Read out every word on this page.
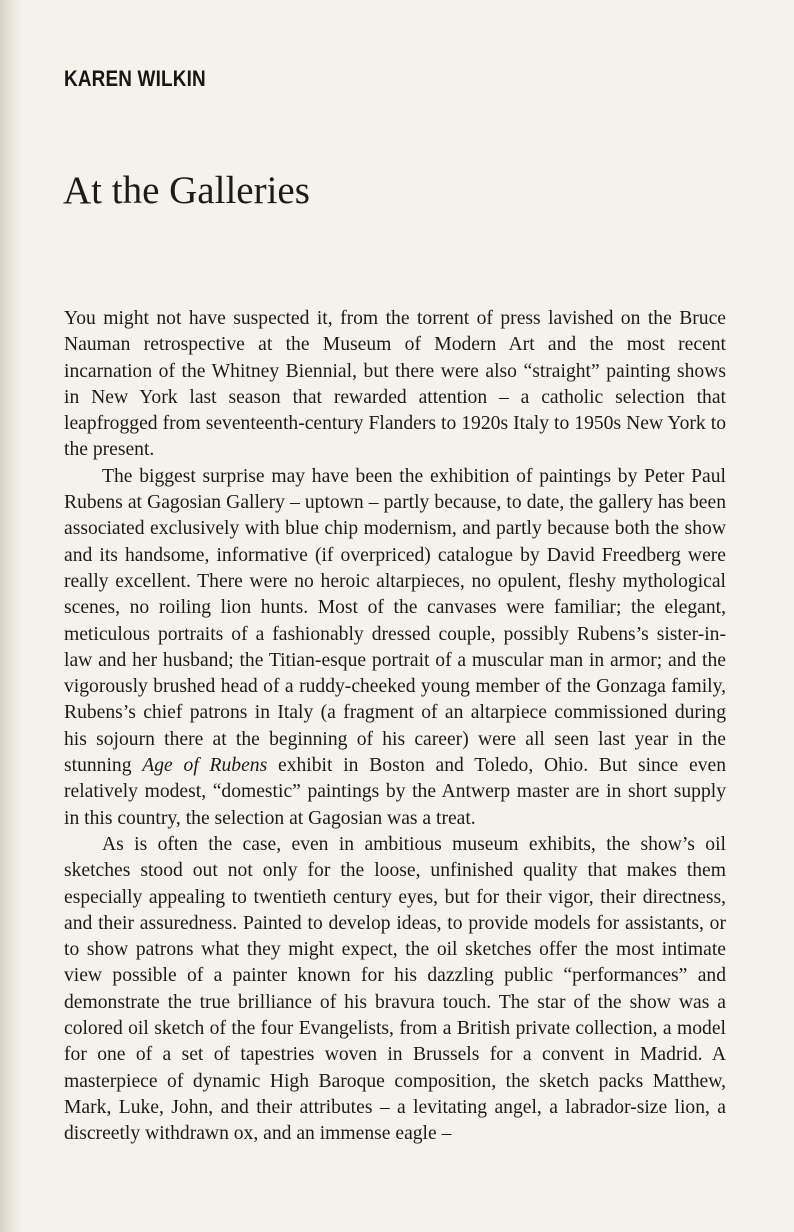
KAREN WILKIN
At the Galleries

You might not have suspected it, from the torrent of press lavished on the Bruce Nauman retrospective at the Museum of Modern Art and the most recent incarnation of the Whitney Biennial, but there were also “straight” painting shows in New York last season that rewarded attention – a catholic selection that leapfrogged from seventeenth-century Flanders to 1920s Italy to 1950s New York to the present.

The biggest surprise may have been the exhibition of paintings by Peter Paul Rubens at Gagosian Gallery – uptown – partly because, to date, the gallery has been associated exclusively with blue chip modernism, and partly because both the show and its handsome, informative (if overpriced) catalogue by David Freedberg were really excellent. There were no heroic altarpieces, no opulent, fleshy mythological scenes, no roiling lion hunts. Most of the canvases were familiar; the elegant, meticulous portraits of a fashionably dressed couple, possibly Rubens’s sister-in-law and her husband; the Titian-esque portrait of a muscular man in armor; and the vigorously brushed head of a ruddy-cheeked young member of the Gonzaga family, Rubens’s chief patrons in Italy (a fragment of an altarpiece commissioned during his sojourn there at the beginning of his career) were all seen last year in the stunning Age of Rubens exhibit in Boston and Toledo, Ohio. But since even relatively modest, “domestic” paintings by the Antwerp master are in short supply in this country, the selection at Gagosian was a treat.

As is often the case, even in ambitious museum exhibits, the show’s oil sketches stood out not only for the loose, unfinished quality that makes them especially appealing to twentieth century eyes, but for their vigor, their directness, and their assuredness. Painted to develop ideas, to provide models for assistants, or to show patrons what they might expect, the oil sketches offer the most intimate view possible of a painter known for his dazzling public “performances” and demonstrate the true brilliance of his bravura touch. The star of the show was a colored oil sketch of the four Evangelists, from a British private collection, a model for one of a set of tapestries woven in Brussels for a convent in Madrid. A masterpiece of dynamic High Baroque composition, the sketch packs Matthew, Mark, Luke, John, and their attributes – a levitating angel, a labrador-size lion, a discreetly withdrawn ox, and an immense eagle –
